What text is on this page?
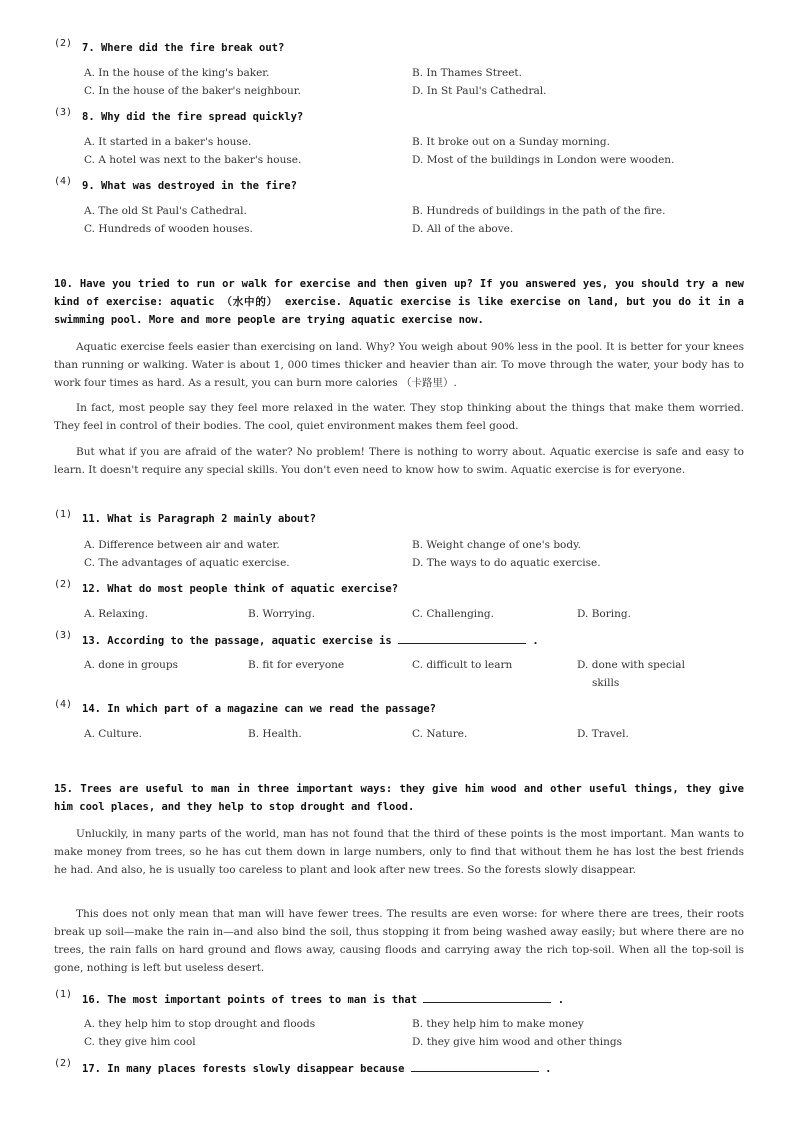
(2) 7. Where did the fire break out?
A. In the house of the king's baker.	B. In Thames Street.
C. In the house of the baker's neighbour.	D. In St Paul's Cathedral.
(3) 8. Why did the fire spread quickly?
A. It started in a baker's house.	B. It broke out on a Sunday morning.
C. A hotel was next to the baker's house.	D. Most of the buildings in London were wooden.
(4) 9. What was destroyed in the fire?
A. The old St Paul's Cathedral.	B. Hundreds of buildings in the path of the fire.
C. Hundreds of wooden houses.	D. All of the above.
10. Have you tried to run or walk for exercise and then given up? If you answered yes, you should try a new kind of exercise: aquatic （水中的） exercise. Aquatic exercise is like exercise on land, but you do it in a swimming pool. More and more people are trying aquatic exercise now.
Aquatic exercise feels easier than exercising on land. Why? You weigh about 90% less in the pool. It is better for your knees than running or walking. Water is about 1, 000 times thicker and heavier than air. To move through the water, your body has to work four times as hard. As a result, you can burn more calories （卡路里）.
In fact, most people say they feel more relaxed in the water. They stop thinking about the things that make them worried. They feel in control of their bodies. The cool, quiet environment makes them feel good.
But what if you are afraid of the water? No problem! There is nothing to worry about. Aquatic exercise is safe and easy to learn. It doesn't require any special skills. You don't even need to know how to swim. Aquatic exercise is for everyone.
(1) 11. What is Paragraph 2 mainly about?
A. Difference between air and water.	B. Weight change of one's body.
C. The advantages of aquatic exercise.	D. The ways to do aquatic exercise.
(2) 12. What do most people think of aquatic exercise?
A. Relaxing.	B. Worrying.	C. Challenging.	D. Boring.
(3) 13. According to the passage, aquatic exercise is	.
A. done in groups	B. fit for everyone	C. difficult to learn	D. done with special
skills
(4) 14. In which part of a magazine can we read the passage?
A. Culture.	B. Health.	C. Nature.	D. Travel.
15. Trees are useful to man in three important ways: they give him wood and other useful things, they give him cool places, and they help to stop drought and flood.
Unluckily, in many parts of the world, man has not found that the third of these points is the most important. Man wants to make money from trees, so he has cut them down in large numbers, only to find that without them he has lost the best friends he had. And also, he is usually too careless to plant and look after new trees. So the forests slowly disappear.
This does not only mean that man will have fewer trees. The results are even worse: for where there are trees, their roots break up soil—make the rain in—and also bind the soil, thus stopping it from being washed away easily; but where there are no trees, the rain falls on hard ground and flows away, causing floods and carrying away the rich top-soil. When all the top-soil is gone, nothing is left but useless desert.
(1) 16. The most important points of trees to man is that	.
A. they help him to stop drought and floods	B. they help him to make money
C. they give him cool	D. they give him wood and other things
(2) 17. In many places forests slowly disappear because	.
